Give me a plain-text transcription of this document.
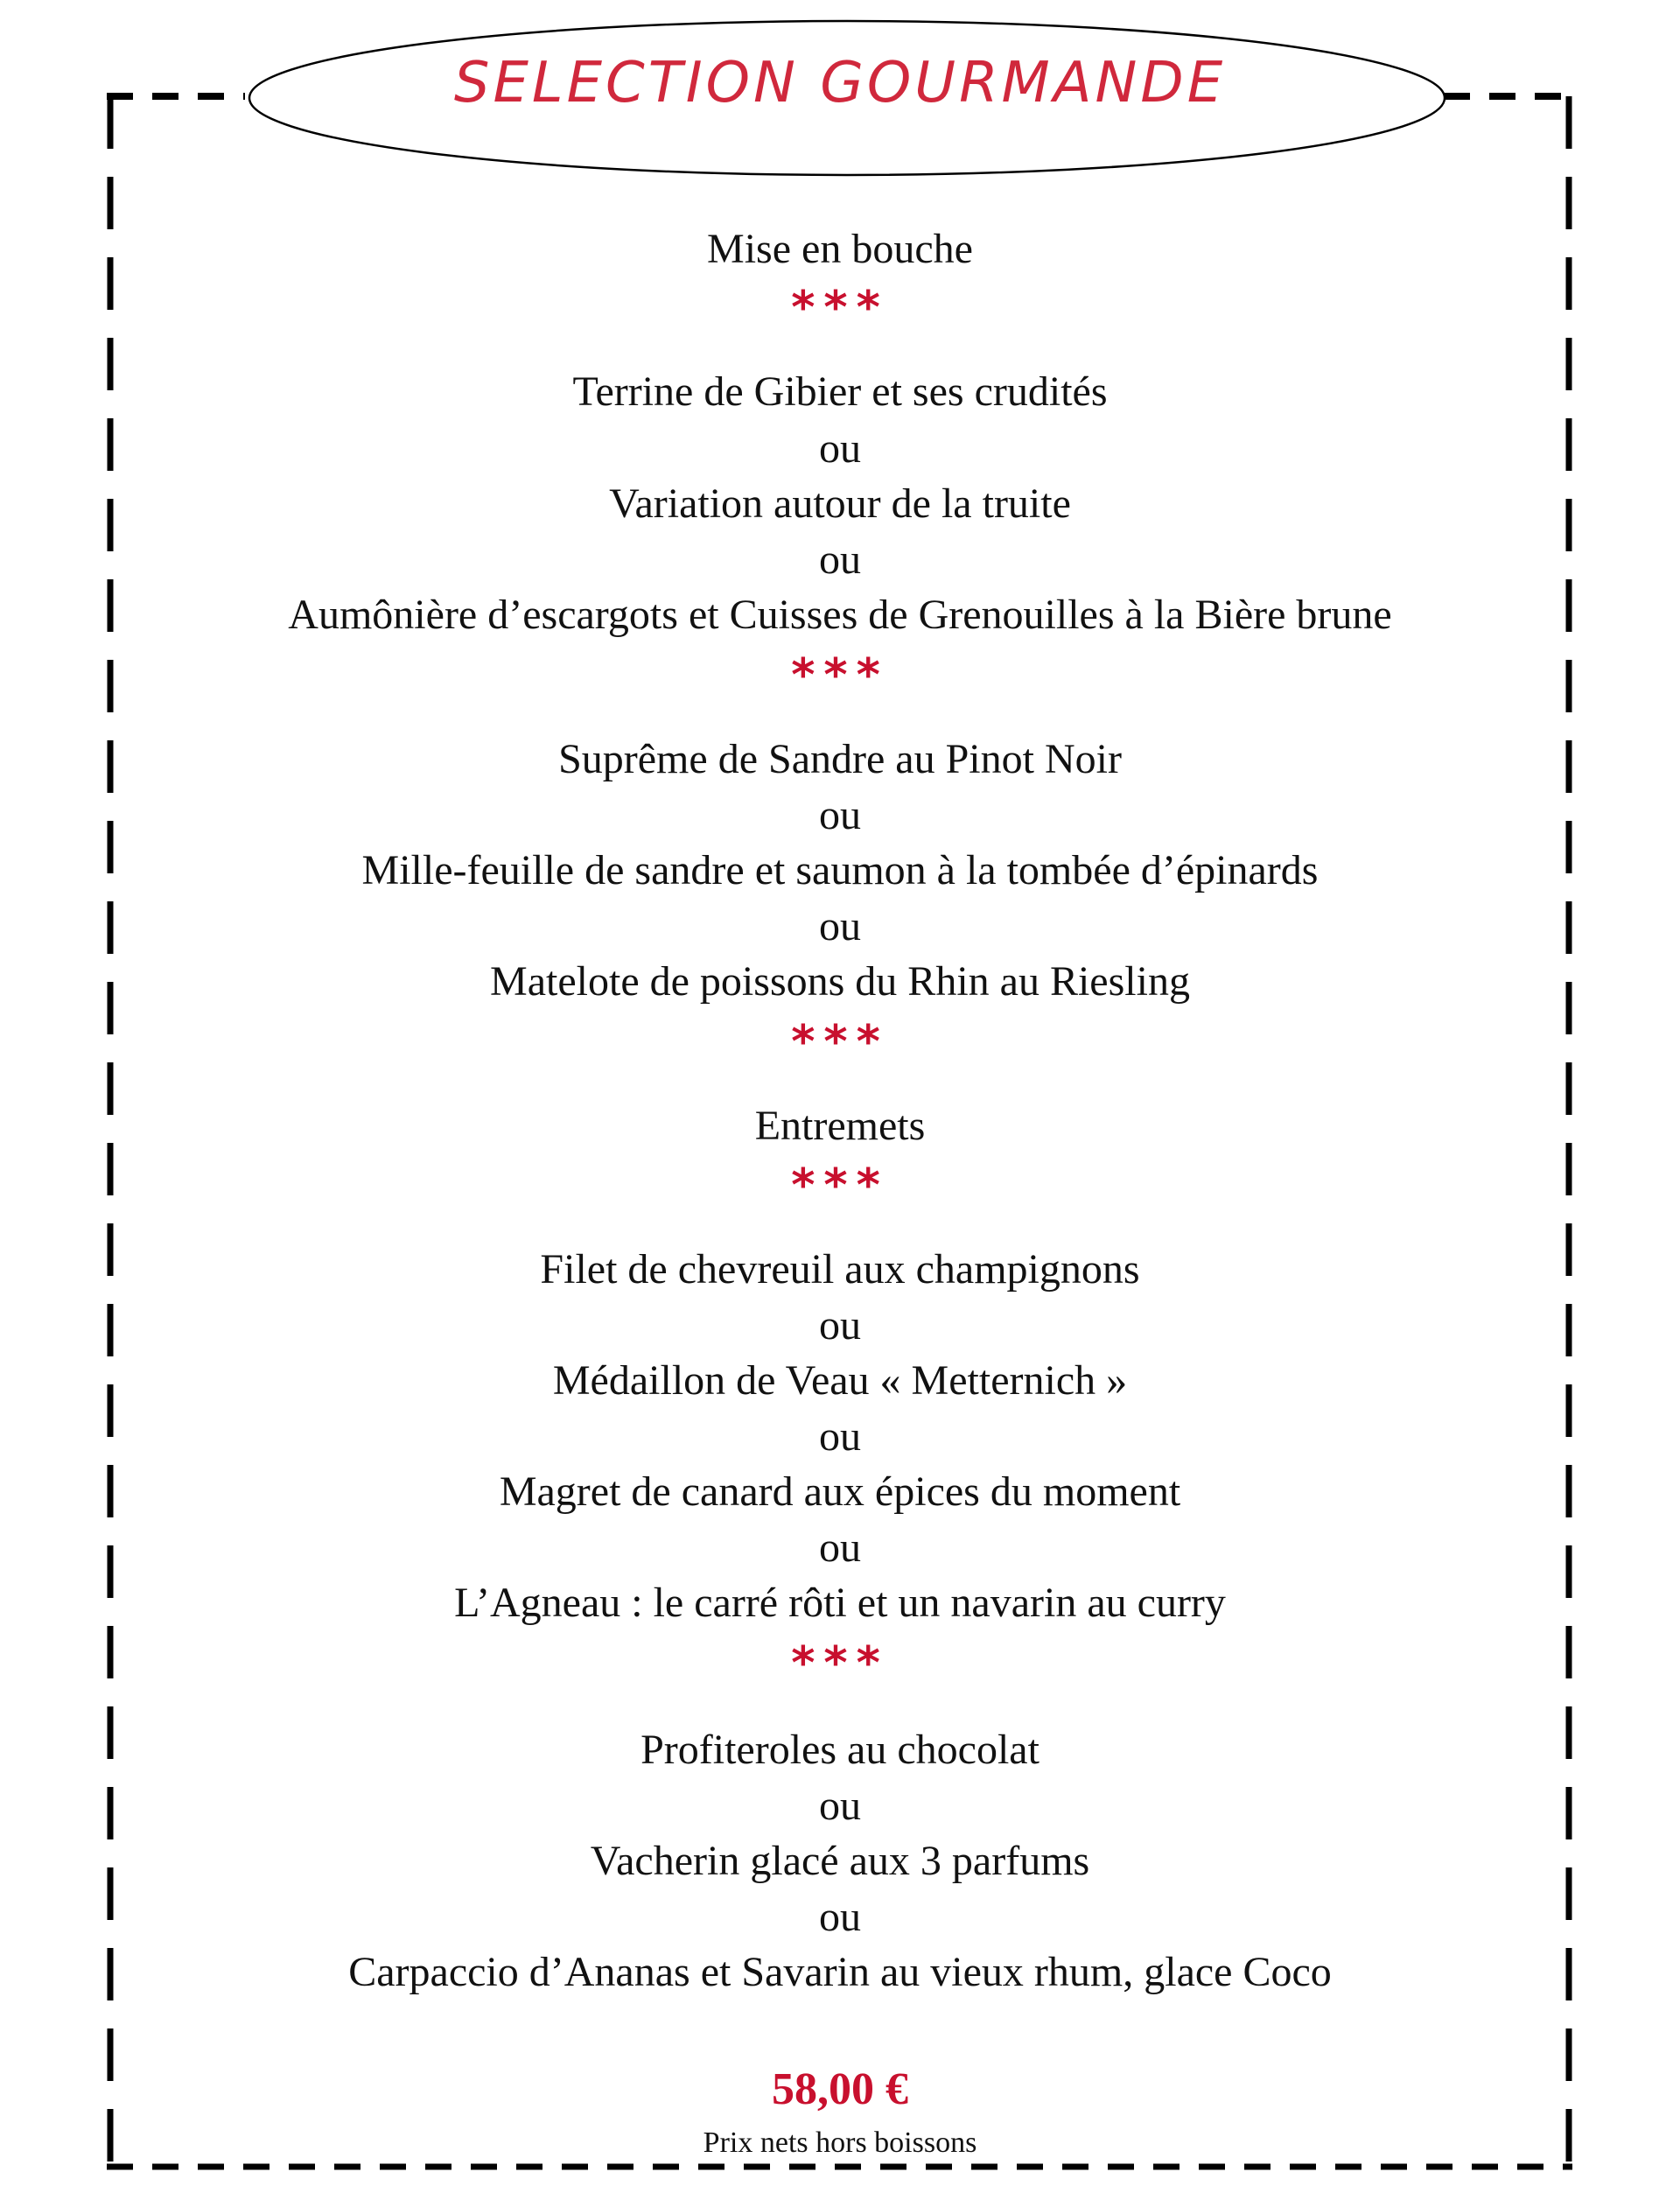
SELECTION GOURMANDE
Mise en bouche
***
Terrine de Gibier et ses crudités
ou
Variation autour de la truite
ou
Aumônière d’escargots et Cuisses de Grenouilles à la Bière brune
***
Suprême de Sandre au Pinot Noir
ou
Mille-feuille de sandre et saumon à la tombée d’épinards
ou
Matelote de poissons du Rhin au Riesling
***
Entremets
***
Filet de chevreuil aux champignons
ou
Médaillon de Veau « Metternich »
ou
Magret de canard aux épices du moment
ou
L’Agneau : le carré rôti et un navarin au curry
***
Profiteroles au chocolat
ou
Vacherin glacé aux 3 parfums
ou
Carpaccio d’Ananas et Savarin au vieux rhum, glace Coco
58,00 €
Prix nets hors boissons
